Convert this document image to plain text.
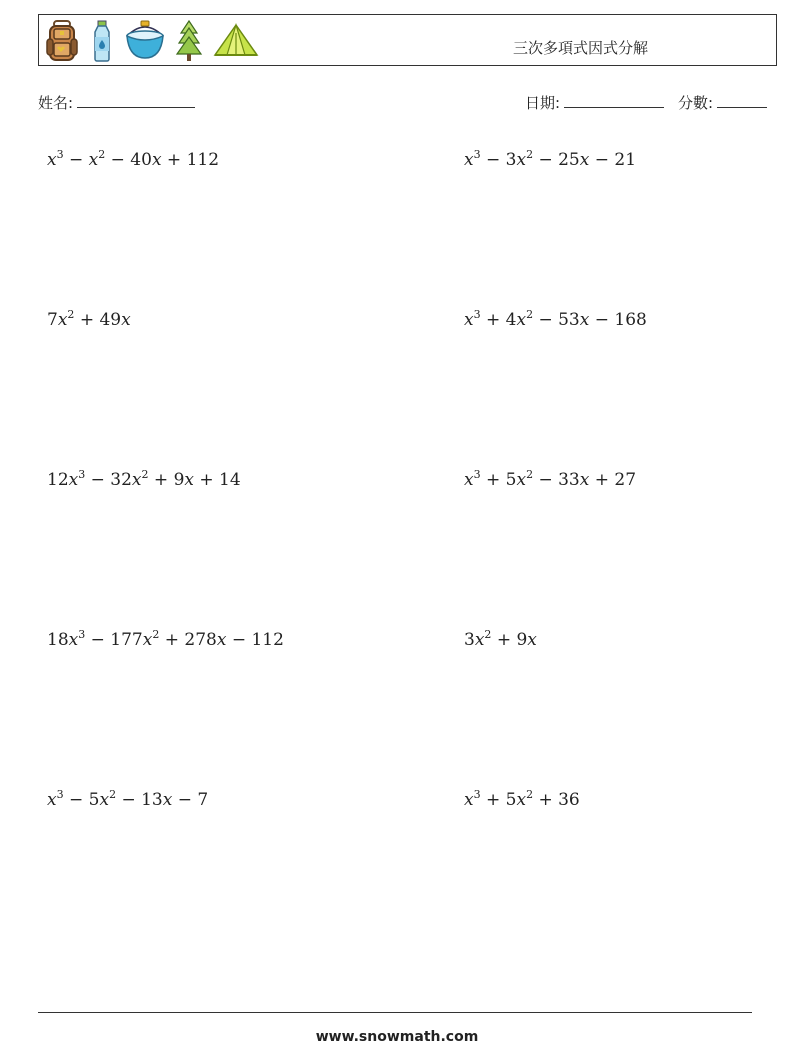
三次多項式因式分解
姓名:	日期:	分數:
$x^3 - x^2 - 40x + 112$	$x^3 - 3x^2 - 25x - 21$
$7x^2 + 49x$	$x^3 + 4x^2 - 53x - 168$
$12x^3 - 32x^2 + 9x + 14$	$x^3 + 5x^2 - 33x + 27$
$18x^3 - 177x^2 + 278x - 112$	$3x^2 + 9x$
$x^3 - 5x^2 - 13x - 7$	$x^3 + 5x^2 + 36$
www.snowmath.com
